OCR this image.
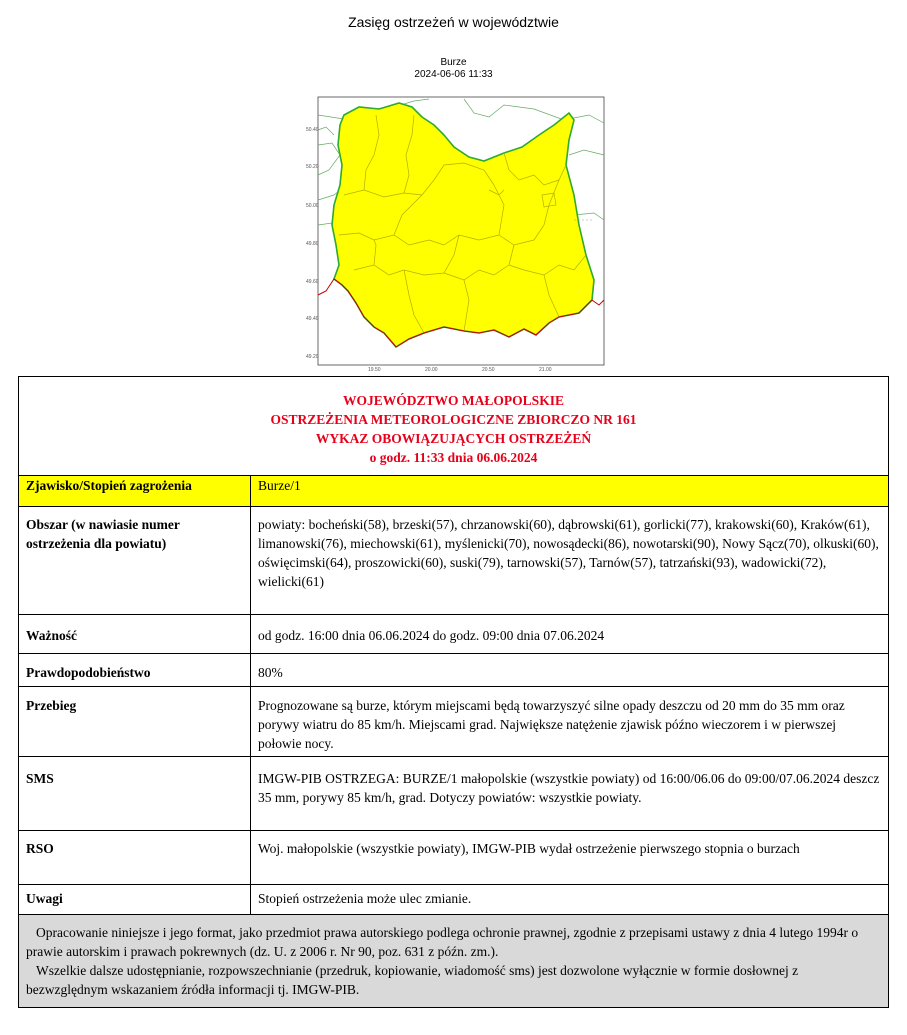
Zasięg ostrzeżeń w województwie
Burze
2024-06-06 11:33
50.40
50.20
50.00
49.80
49.60
49.40
49.20
19.50	20.00	20.50	21.00
WOJEWÓDZTWO MAŁOPOLSKIE
OSTRZEŻENIA METEOROLOGICZNE ZBIORCZO NR 161
WYKAZ OBOWIĄZUJĄCYCH OSTRZEŻEŃ
o godz. 11:33 dnia 06.06.2024	

Zjawisko/Stopień zagrożenia	Burze/1
Obszar (w nawiasie numer ostrzeżenia dla powiatu)	powiaty: bocheński(58), brzeski(57), chrzanowski(60), dąbrowski(61), gorlicki(77), krakowski(60), Kraków(61), limanowski(76), miechowski(61), myślenicki(70), nowosądecki(86), nowotarski(90), Nowy Sącz(70), olkuski(60), oświęcimski(64), proszowicki(60), suski(79), tarnowski(57), Tarnów(57), tatrzański(93), wadowicki(72), wielicki(61)
Ważność	od godz. 16:00 dnia 06.06.2024 do godz. 09:00 dnia 07.06.2024
Prawdopodobieństwo	80%
Przebieg	Prognozowane są burze, którym miejscami będą towarzyszyć silne opady deszczu od 20 mm do 35 mm oraz porywy wiatru do 85 km/h. Miejscami grad. Największe natężenie zjawisk późno wieczorem i w pierwszej połowie nocy.
SMS	IMGW-PIB OSTRZEGA: BURZE/1 małopolskie (wszystkie powiaty) od 16:00/06.06 do 09:00/07.06.2024 deszcz 35 mm, porywy 85 km/h, grad. Dotyczy powiatów: wszystkie powiaty.
RSO	Woj. małopolskie (wszystkie powiaty), IMGW-PIB wydał ostrzeżenie pierwszego stopnia o burzach
Uwagi	Stopień ostrzeżenia może ulec zmianie.

Opracowanie niniejsze i jego format, jako przedmiot prawa autorskiego podlega ochronie prawnej, zgodnie z przepisami ustawy z dnia 4 lutego 1994r o prawie autorskim i prawach pokrewnych (dz. U. z 2006 r. Nr 90, poz. 631 z późn. zm.).

Wszelkie dalsze udostępnianie, rozpowszechnianie (przedruk, kopiowanie, wiadomość sms) jest dozwolone wyłącznie w formie dosłownej z bezwzględnym wskazaniem źródła informacji tj. IMGW-PIB.	
